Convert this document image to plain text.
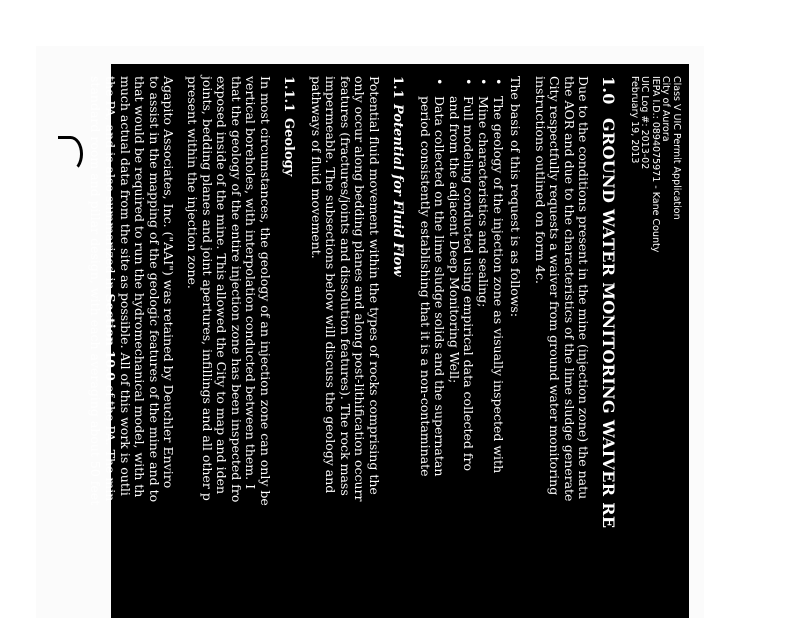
Class V UIC Permit Application
City of Aurora
IEPA I.D.: 0894075971 - Kane County
UIC Log #: 2013-02
February 19, 2013
1.0GROUND WATER MONITORING WAIVER RE

Due to the conditions present in the mine (injection zone) the natu

the AOR and due to the characteristics of the lime sludge generate

City respectfully requests a waiver from ground water monitoring

instructions outlined on form 4c.

The basis of this request is as follows:

•
The geology of the injection zone as visually inspected with
•
Mine characteristics and sealing;
•
Full modeling conducted using empirical data collected fro
and from the adjacent Deep Monitoring Well;
•
Data collected on the lime sludge solids and the supernatan
period consistently establishing that it is a non-contaminate
1.1Potential for Fluid Flow

Potential fluid movement within the types of rocks comprising the

only occur along bedding planes and along post-lithification occurr

features (fractures/joints and dissolution features). The rock mass

impermeable. The subsections below will discuss the geology and

pathways of fluid movement.

1.1.1Geology

In most circumstances, the geology of an injection zone can only be

vertical boreholes, with interpolation conducted between them. I

that the geology of the entire injection zone has been inspected fro

exposed inside of the mine. This allowed the City to map and iden

joints, bedding planes and joint apertures, infillings and all other p

present within the injection zone.

Agapito Associates, Inc. ("AAI") was retained by Deuchler Enviro

to assist in the mapping of the geologic features of the mine and to

that would be required to run the hydromechanical model, with th

much actual data from the site as possible. All of this work is outli

the PA, and is also summarized in Section 10.0 of the PA. The min

standard room and pillar design, with each averaging about 50 feet
